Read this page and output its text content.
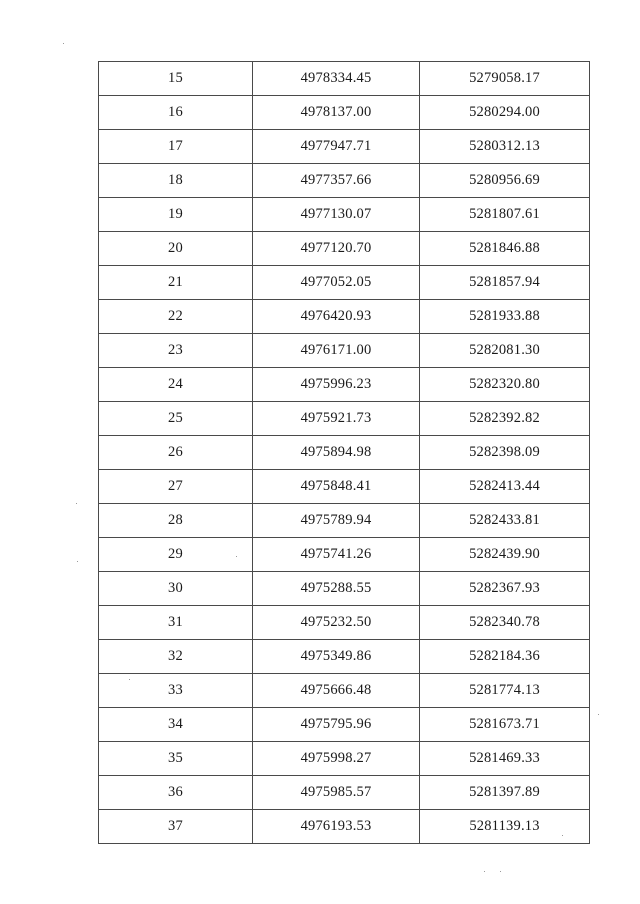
15	4978334.45	5279058.17
16	4978137.00	5280294.00
17	4977947.71	5280312.13
18	4977357.66	5280956.69
19	4977130.07	5281807.61
20	4977120.70	5281846.88
21	4977052.05	5281857.94
22	4976420.93	5281933.88
23	4976171.00	5282081.30
24	4975996.23	5282320.80
25	4975921.73	5282392.82
26	4975894.98	5282398.09
27	4975848.41	5282413.44
28	4975789.94	5282433.81
29	4975741.26	5282439.90
30	4975288.55	5282367.93
31	4975232.50	5282340.78
32	4975349.86	5282184.36
33	4975666.48	5281774.13
34	4975795.96	5281673.71
35	4975998.27	5281469.33
36	4975985.57	5281397.89
37	4976193.53	5281139.13
